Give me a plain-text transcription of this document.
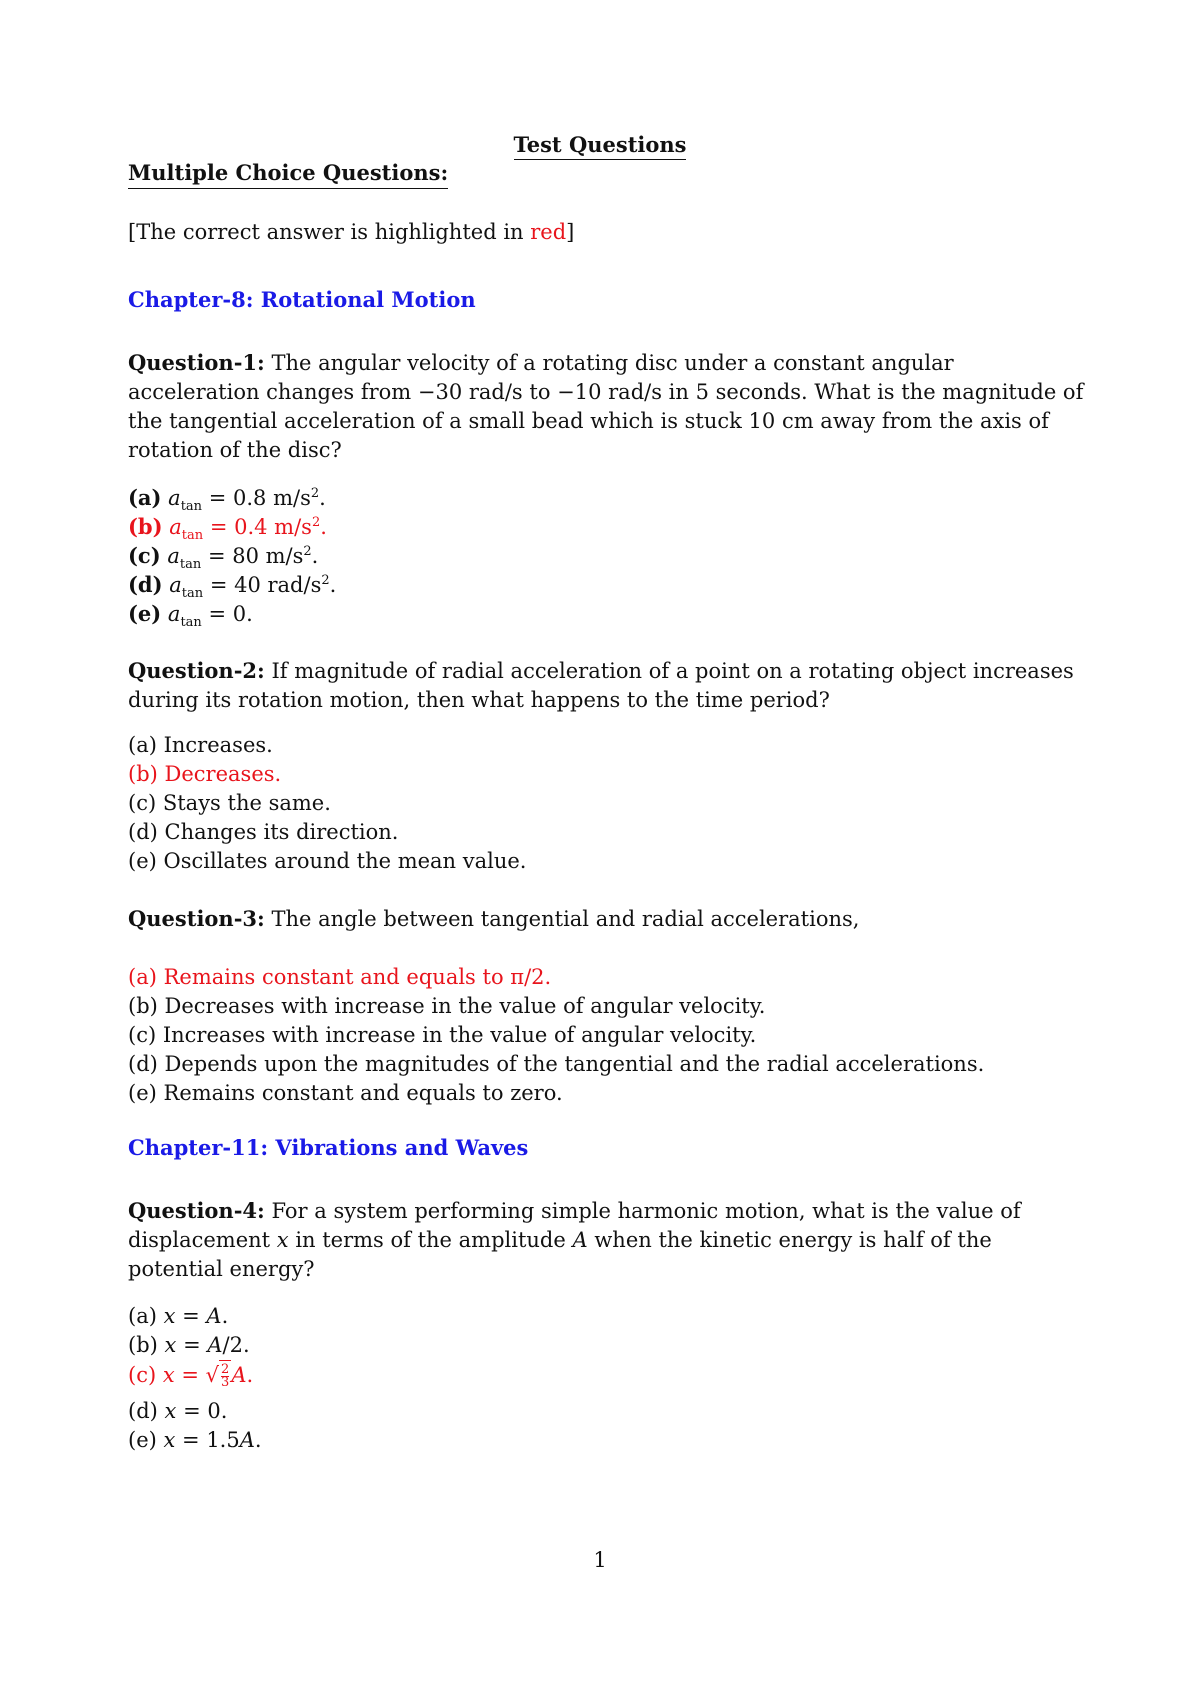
Test Questions
Multiple Choice Questions:
[The correct answer is highlighted in red]
Chapter-8: Rotational Motion
Question-1: The angular velocity of a rotating disc under a constant angular acceleration changes from −30 rad/s to −10 rad/s in 5 seconds. What is the magnitude of the tangential acceleration of a small bead which is stuck 10 cm away from the axis of rotation of the disc?
(a) $a_{tan} = 0.8$ $m/s^2$.
(b) $a_{tan} = 0.4$ $m/s^2$.
(c) $a_{tan} = 80$ $m/s^2$.
(d) $a_{tan} = 40$ rad/$s^2$.
(e) $a_{tan} = 0$.
Question-2: If magnitude of radial acceleration of a point on a rotating object increases during its rotation motion, then what happens to the time period?
(a) Increases.
(b) Decreases.
(c) Stays the same.
(d) Changes its direction.
(e) Oscillates around the mean value.
Question-3: The angle between tangential and radial accelerations,
(a) Remains constant and equals to π/2.
(b) Decreases with increase in the value of angular velocity.
(c) Increases with increase in the value of angular velocity.
(d) Depends upon the magnitudes of the tangential and the radial accelerations.
(e) Remains constant and equals to zero.
Chapter-11: Vibrations and Waves
Question-4: For a system performing simple harmonic motion, what is the value of displacement x in terms of the amplitude A when the kinetic energy is half of the potential energy?
(a) x = A.
(b) x = A/2.
(c) x = √ $\frac{2}{3} A$.
(d) x = 0.
(e) x = 1.5A.
1
